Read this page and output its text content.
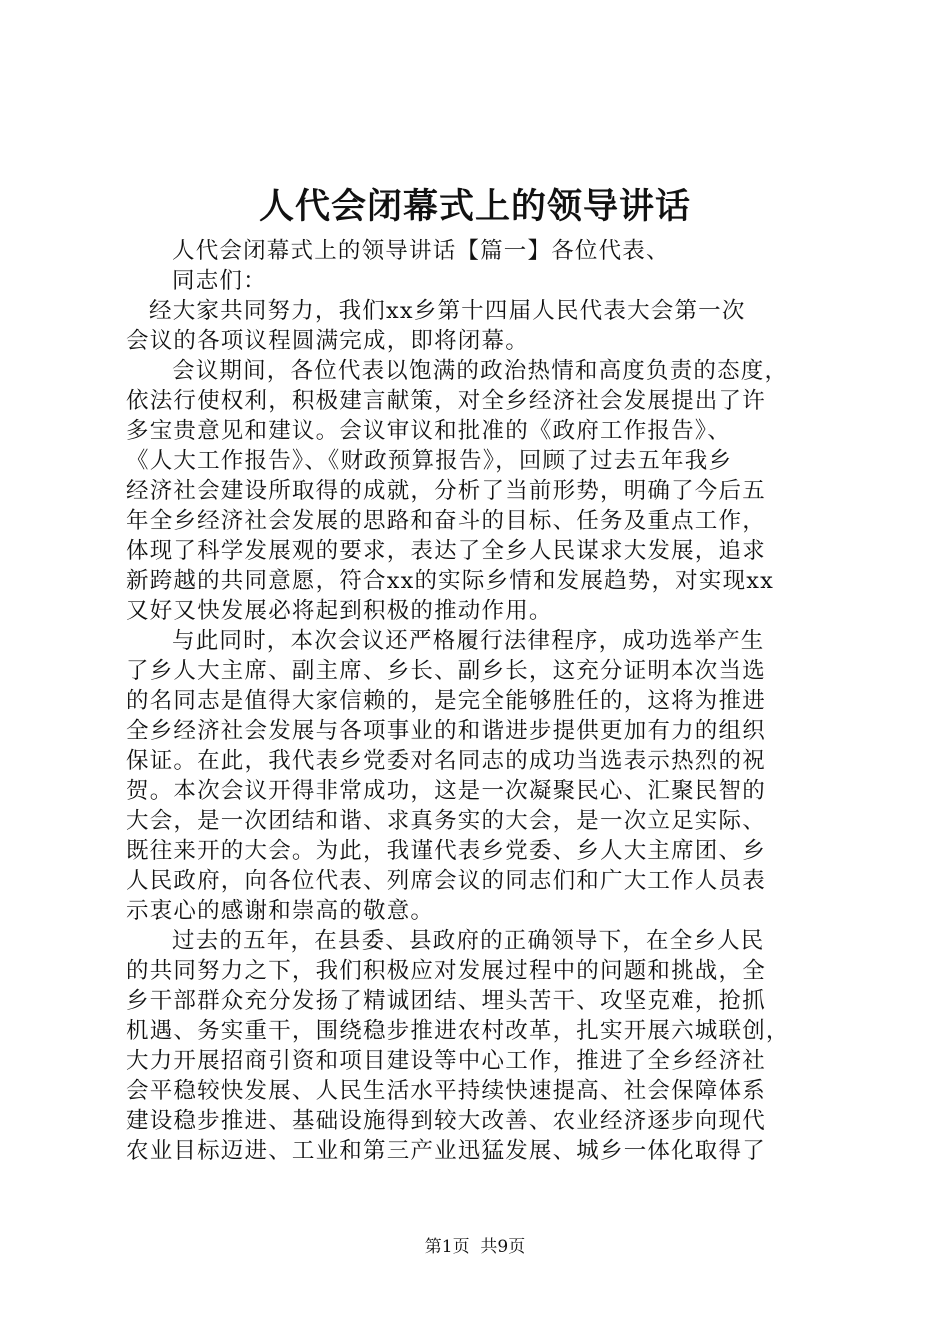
人代会闭幕式上的领导讲话
人代会闭幕式上的领导讲话【篇一】各位代表、
同志们：
经大家共同努力，我们xx乡第十四届人民代表大会第一次
会议的各项议程圆满完成，即将闭幕。
会议期间，各位代表以饱满的政治热情和高度负责的态度，
依法行使权利，积极建言献策，对全乡经济社会发展提出了许
多宝贵意见和建议。会议审议和批准的《政府工作报告》、
《人大工作报告》、《财政预算报告》，回顾了过去五年我乡
经济社会建设所取得的成就，分析了当前形势，明确了今后五
年全乡经济社会发展的思路和奋斗的目标、任务及重点工作，
体现了科学发展观的要求，表达了全乡人民谋求大发展，追求
新跨越的共同意愿，符合xx的实际乡情和发展趋势，对实现xx
又好又快发展必将起到积极的推动作用。
与此同时，本次会议还严格履行法律程序，成功选举产生
了乡人大主席、副主席、乡长、副乡长，这充分证明本次当选
的名同志是值得大家信赖的，是完全能够胜任的，这将为推进
全乡经济社会发展与各项事业的和谐进步提供更加有力的组织
保证。在此，我代表乡党委对名同志的成功当选表示热烈的祝
贺。本次会议开得非常成功，这是一次凝聚民心、汇聚民智的
大会，是一次团结和谐、求真务实的大会，是一次立足实际、
既往来开的大会。为此，我谨代表乡党委、乡人大主席团、乡
人民政府，向各位代表、列席会议的同志们和广大工作人员表
示衷心的感谢和崇高的敬意。
过去的五年，在县委、县政府的正确领导下，在全乡人民
的共同努力之下，我们积极应对发展过程中的问题和挑战，全
乡干部群众充分发扬了精诚团结、埋头苦干、攻坚克难，抢抓
机遇、务实重干，围绕稳步推进农村改革，扎实开展六城联创，
大力开展招商引资和项目建设等中心工作，推进了全乡经济社
会平稳较快发展、人民生活水平持续快速提高、社会保障体系
建设稳步推进、基础设施得到较大改善、农业经济逐步向现代
农业目标迈进、工业和第三产业迅猛发展、城乡一体化取得了
第1页  共9页
